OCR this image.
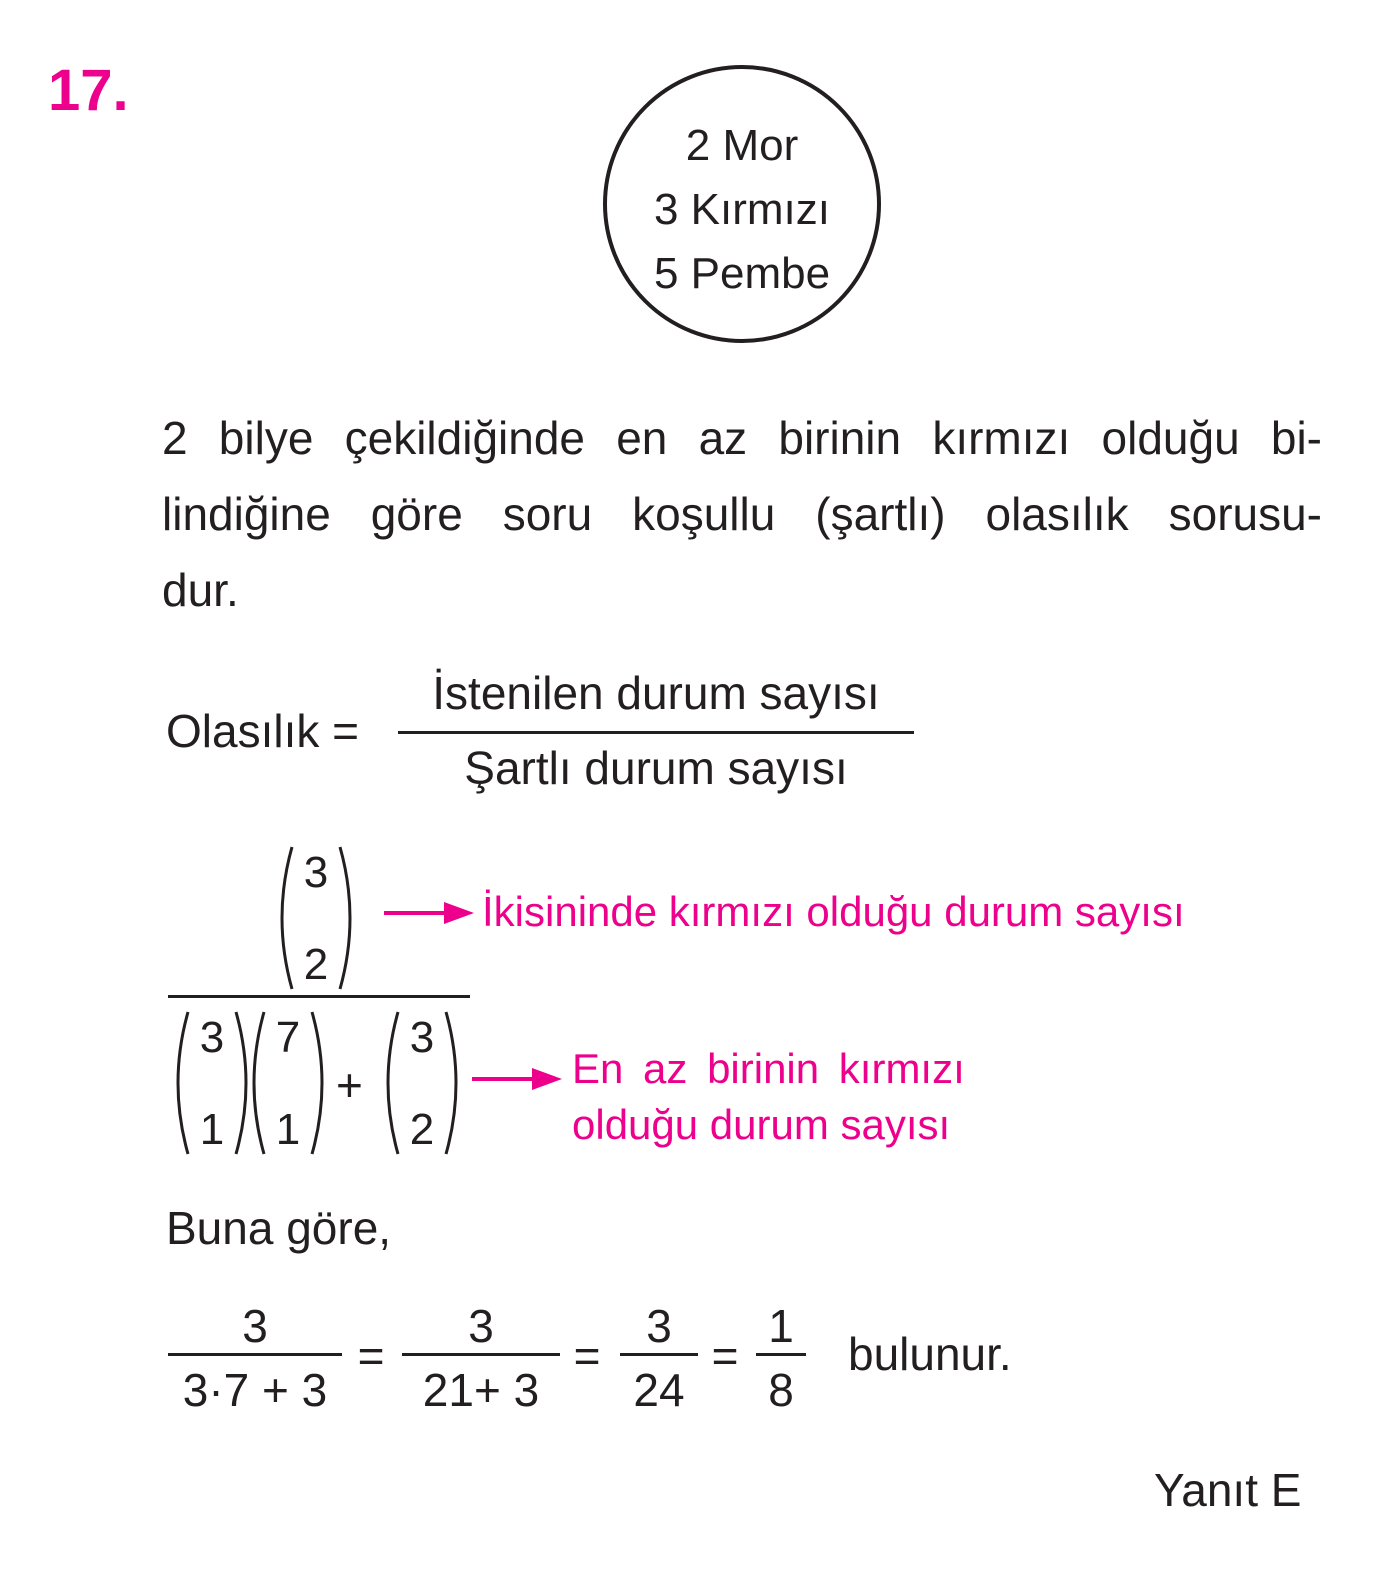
17.
2 Mor
3 Kırmızı
5 Pembe
2 bilye çekildiğinde en az birinin kırmızı olduğu bi-
lindiğine göre soru koşullu (şartlı) olasılık sorusu-
dur.
Olasılık =
İstenilen durum sayısı
Şartlı durum sayısı
3
2
3
1
7
1
+
3
2
İkisininde kırmızı olduğu durum sayısı
En az birinin kırmızı
olduğu durum sayısı
Buna göre,
3
3·7 + 3
=
3
21+ 3
=
3
24
=
1
8
bulunur.
Yanıt E
